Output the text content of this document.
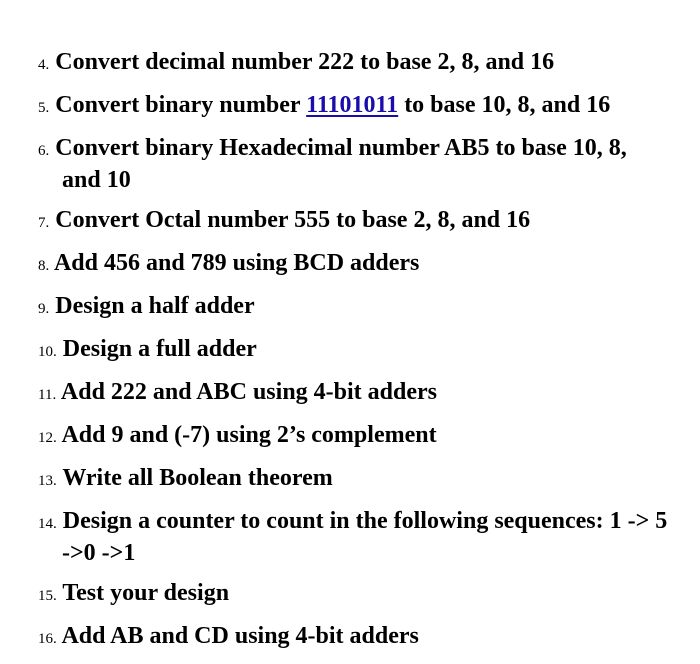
4. Convert decimal number 222 to base 2, 8, and 16
5. Convert binary number 11101011 to base 10, 8, and 16
6. Convert binary Hexadecimal number AB5 to base 10, 8, and 10
7. Convert Octal number 555 to base 2, 8, and 16
8. Add 456 and 789 using BCD adders
9. Design a half adder
10. Design a full adder
11. Add 222 and ABC using 4-bit adders
12. Add 9 and (-7) using 2’s complement
13. Write all Boolean theorem
14. Design a counter to count in the following sequences: 1 -> 5 ->0 ->1
15. Test your design
16. Add AB and CD using 4-bit adders
